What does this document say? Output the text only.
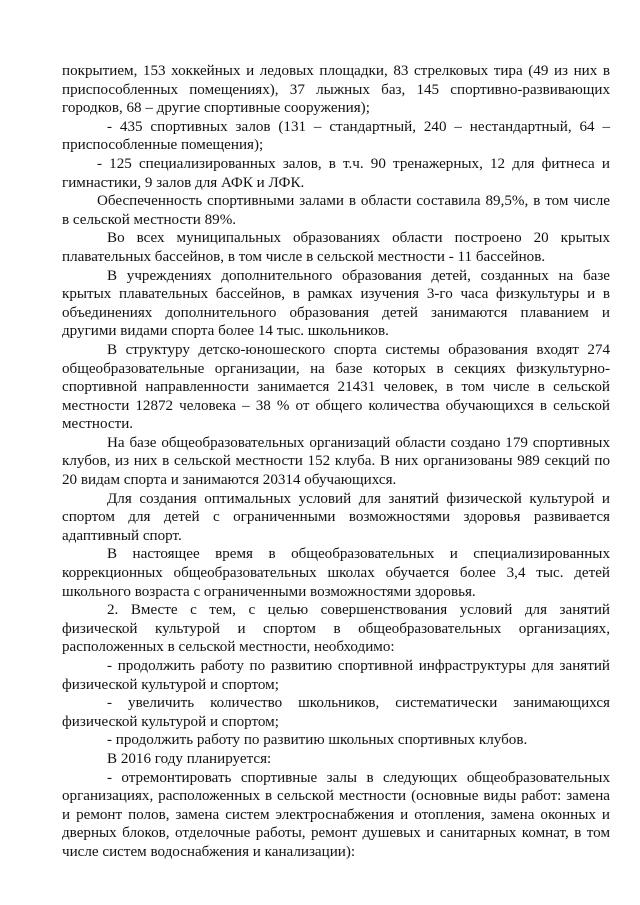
покрытием, 153 хоккейных и ледовых площадки, 83 стрелковых тира (49 из них в приспособленных помещениях), 37 лыжных баз, 145 спортивно-развивающих городков, 68 – другие спортивные сооружения);

- 435 спортивных залов (131 – стандартный, 240 – нестандартный, 64 – приспособленные помещения);

- 125 специализированных залов, в т.ч. 90 тренажерных, 12 для фитнеса и гимнастики, 9 залов для АФК и ЛФК.

Обеспеченность спортивными залами в области составила 89,5%, в том числе в сельской местности 89%.

Во всех муниципальных образованиях области построено 20 крытых плавательных бассейнов, в том числе в сельской местности - 11 бассейнов.

В учреждениях дополнительного образования детей, созданных на базе крытых плавательных бассейнов, в рамках изучения 3-го часа физкультуры и в объединениях дополнительного образования детей занимаются плаванием и другими видами спорта более 14 тыс. школьников.

В структуру детско-юношеского спорта системы образования входят 274 общеобразовательные организации, на базе которых в секциях физкультурно-спортивной направленности занимается 21431 человек, в том числе в сельской местности 12872 человека – 38 % от общего количества обучающихся в сельской местности.

На базе общеобразовательных организаций области создано 179 спортивных клубов, из них в сельской местности 152 клуба. В них организованы 989 секций по 20 видам спорта и занимаются 20314 обучающихся.

Для создания оптимальных условий для занятий физической культурой и спортом для детей с ограниченными возможностями здоровья развивается адаптивный спорт.

В настоящее время в общеобразовательных и специализированных коррекционных общеобразовательных школах обучается более 3,4 тыс. детей школьного возраста с ограниченными возможностями здоровья.

2. Вместе с тем, с целью совершенствования условий для занятий физической культурой и спортом в общеобразовательных организациях, расположенных в сельской местности, необходимо:

- продолжить работу по развитию спортивной инфраструктуры для занятий физической культурой и спортом;

- увеличить количество школьников, систематически занимающихся физической культурой и спортом;

- продолжить работу по развитию школьных спортивных клубов.

В 2016 году планируется:

- отремонтировать спортивные залы в следующих общеобразовательных организациях, расположенных в сельской местности (основные виды работ: замена и ремонт полов, замена систем электроснабжения и отопления, замена оконных и дверных блоков, отделочные работы, ремонт душевых и санитарных комнат, в том числе систем водоснабжения и канализации):
